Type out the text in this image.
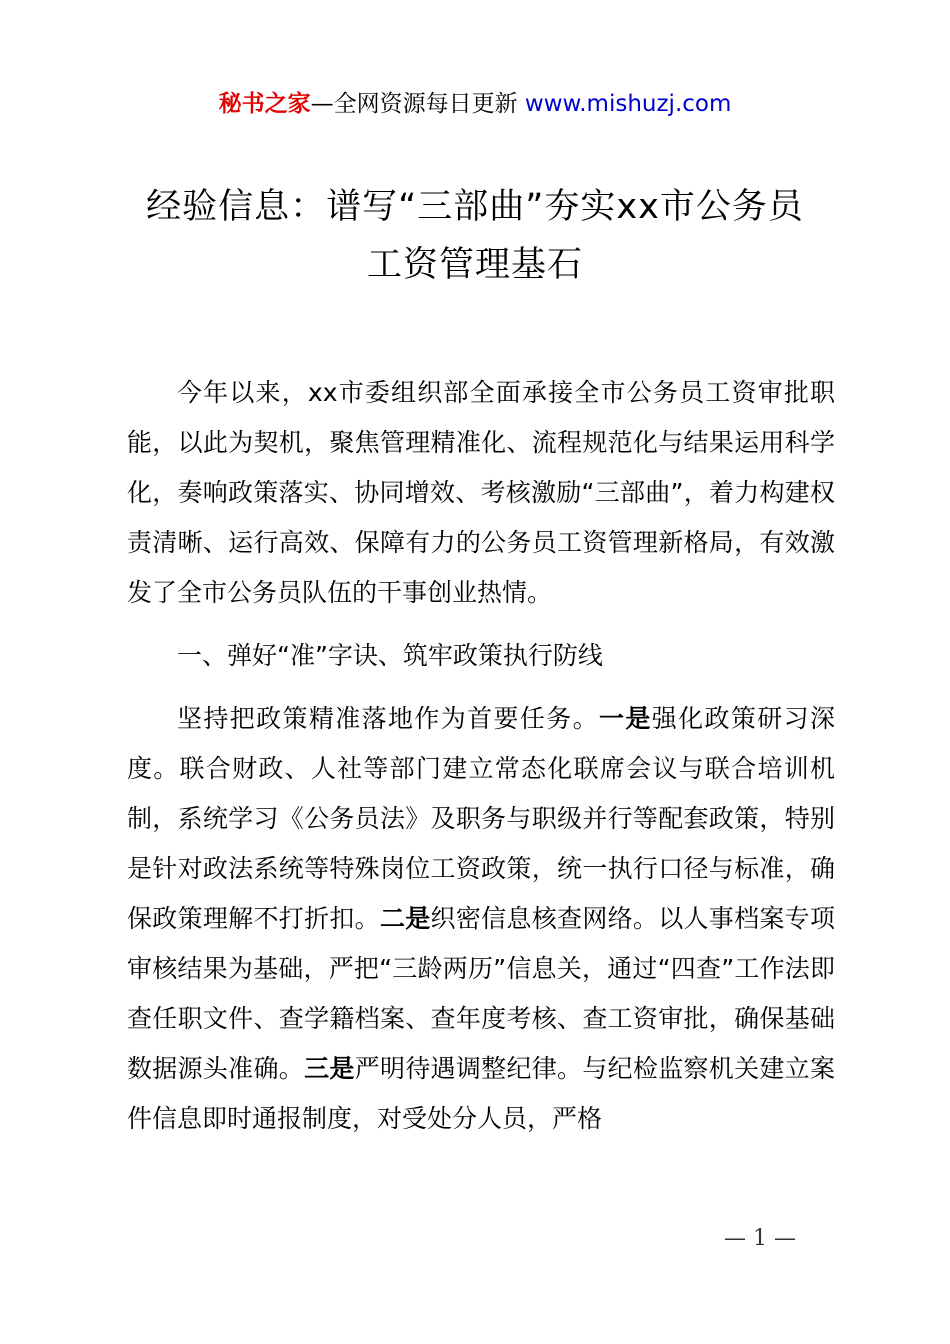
秘书之家—全网资源每日更新 www.mishuzj.com
经验信息：谱写“三部曲”夯实xx市公务员
工资管理基石

今年以来，xx市委组织部全面承接全市公务员工资审批职能，以此为契机，聚焦管理精准化、流程规范化与结果运用科学化，奏响政策落实、协同增效、考核激励“三部曲”，着力构建权责清晰、运行高效、保障有力的公务员工资管理新格局，有效激发了全市公务员队伍的干事创业热情。

一、弹好“准”字诀、筑牢政策执行防线

坚持把政策精准落地作为首要任务。一是强化政策研习深度。联合财政、人社等部门建立常态化联席会议与联合培训机制，系统学习《公务员法》及职务与职级并行等配套政策，特别是针对政法系统等特殊岗位工资政策，统一执行口径与标准，确保政策理解不打折扣。二是织密信息核查网络。以人事档案专项审核结果为基础，严把“三龄两历”信息关，通过“四查”工作法即查任职文件、查学籍档案、查年度考核、查工资审批，确保基础数据源头准确。三是严明待遇调整纪律。与纪检监察机关建立案件信息即时通报制度，对受处分人员，严格

— 1 —
